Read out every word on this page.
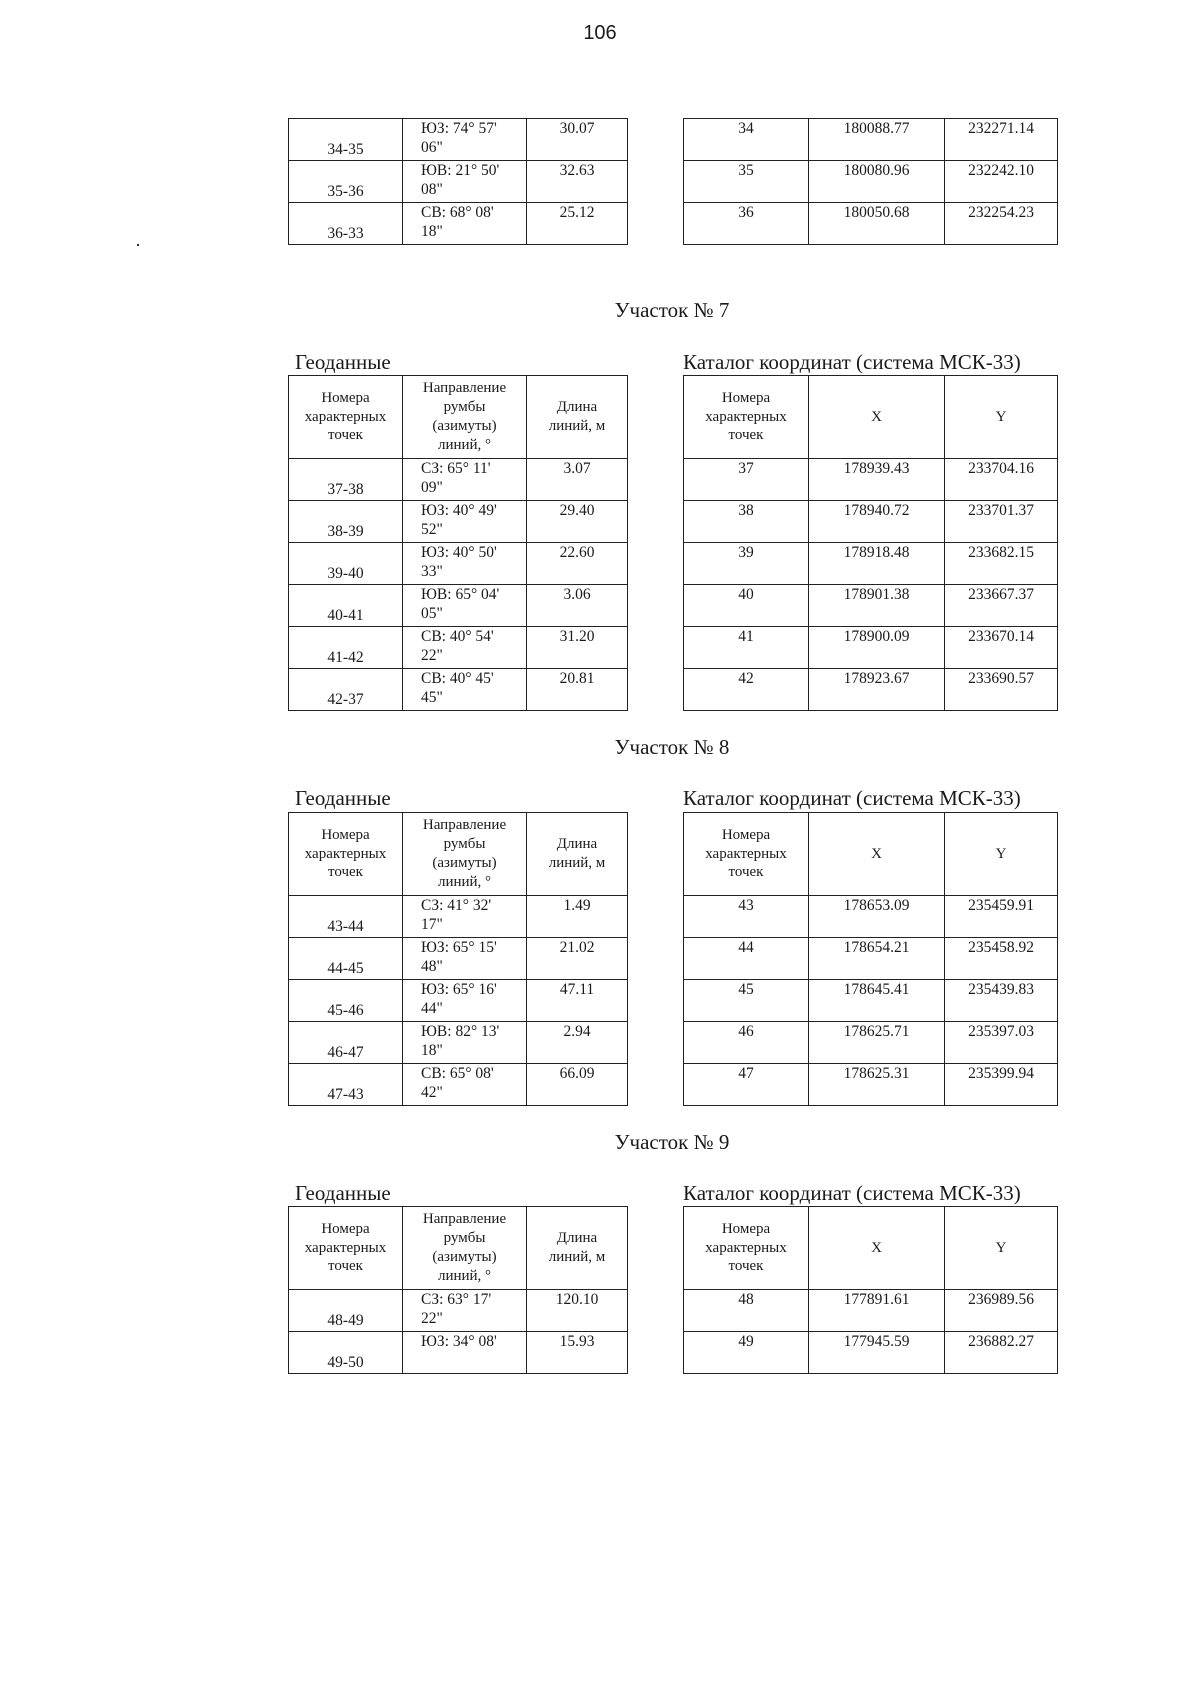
106
34-35	ЮЗ: 74° 57'
06"	30.07
35-36	ЮВ: 21° 50'
08"	32.63
36-33	СВ: 68° 08'
18"	25.12
34	180088.77	232271.14
35	180080.96	232242.10
36	180050.68	232254.23
Участок № 7
Геоданные	Каталог координат (система МСК-33)
Номера
характерных
точек	Направление
румбы
(азимуты)
линий, °	Длина
линий, м
37-38	СЗ: 65° 11'
09"	3.07
38-39	ЮЗ: 40° 49'
52"	29.40
39-40	ЮЗ: 40° 50'
33"	22.60
40-41	ЮВ: 65° 04'
05"	3.06
41-42	СВ: 40° 54'
22"	31.20
42-37	СВ: 40° 45'
45"	20.81
Номера
характерных
точек	X	Y
37	178939.43	233704.16
38	178940.72	233701.37
39	178918.48	233682.15
40	178901.38	233667.37
41	178900.09	233670.14
42	178923.67	233690.57
Участок № 8
Геоданные	Каталог координат (система МСК-33)
Номера
характерных
точек	Направление
румбы
(азимуты)
линий, °	Длина
линий, м
43-44	СЗ: 41° 32'
17"	1.49
44-45	ЮЗ: 65° 15'
48"	21.02
45-46	ЮЗ: 65° 16'
44"	47.11
46-47	ЮВ: 82° 13'
18"	2.94
47-43	СВ: 65° 08'
42"	66.09
Номера
характерных
точек	X	Y
43	178653.09	235459.91
44	178654.21	235458.92
45	178645.41	235439.83
46	178625.71	235397.03
47	178625.31	235399.94
Участок № 9
Геоданные	Каталог координат (система МСК-33)
Номера
характерных
точек	Направление
румбы
(азимуты)
линий, °	Длина
линий, м
48-49	СЗ: 63° 17'
22"	120.10
49-50	ЮЗ: 34° 08'	15.93
Номера
характерных
точек	X	Y
48	177891.61	236989.56
49	177945.59	236882.27
